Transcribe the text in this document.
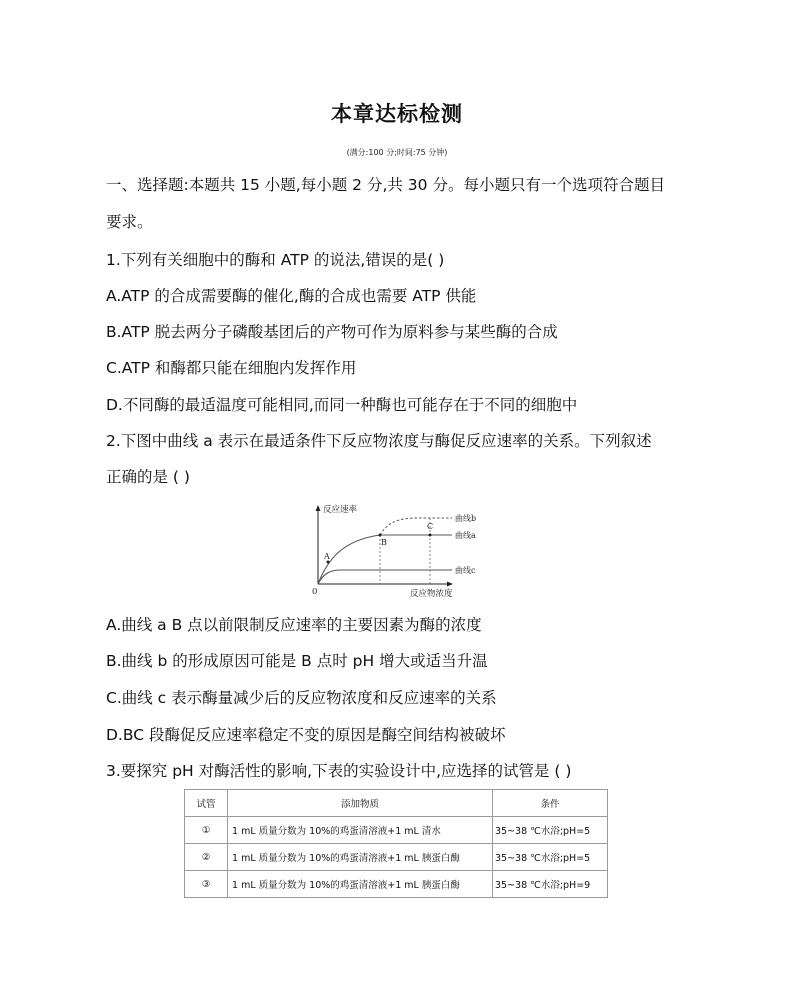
本章达标检测
(满分:100 分;时间:75 分钟)
一、选择题:本题共 15 小题,每小题 2 分,共 30 分。每小题只有一个选项符合题目
要求。
1.下列有关细胞中的酶和 ATP 的说法,错误的是( )
A.ATP 的合成需要酶的催化,酶的合成也需要 ATP 供能
B.ATP 脱去两分子磷酸基团后的产物可作为原料参与某些酶的合成
C.ATP 和酶都只能在细胞内发挥作用
D.不同酶的最适温度可能相同,而同一种酶也可能存在于不同的细胞中
2.下图中曲线 a 表示在最适条件下反应物浓度与酶促反应速率的关系。下列叙述
正确的是 ( )
反应速率
反应物浓度
0
A
B
C
曲线b
曲线a
曲线c
A.曲线 a B 点以前限制反应速率的主要因素为酶的浓度
B.曲线 b 的形成原因可能是 B 点时 pH 增大或适当升温
C.曲线 c 表示酶量减少后的反应物浓度和反应速率的关系
D.BC 段酶促反应速率稳定不变的原因是酶空间结构被破坏
3.要探究 pH 对酶活性的影响,下表的实验设计中,应选择的试管是 ( )
试管	添加物质	条件
①	1 mL 质量分数为 10%的鸡蛋清溶液+1 mL 清水	35~38 ℃水浴;pH=5
②	1 mL 质量分数为 10%的鸡蛋清溶液+1 mL 胰蛋白酶	35~38 ℃水浴;pH=5
③	1 mL 质量分数为 10%的鸡蛋清溶液+1 mL 胰蛋白酶	35~38 ℃水浴;pH=9
